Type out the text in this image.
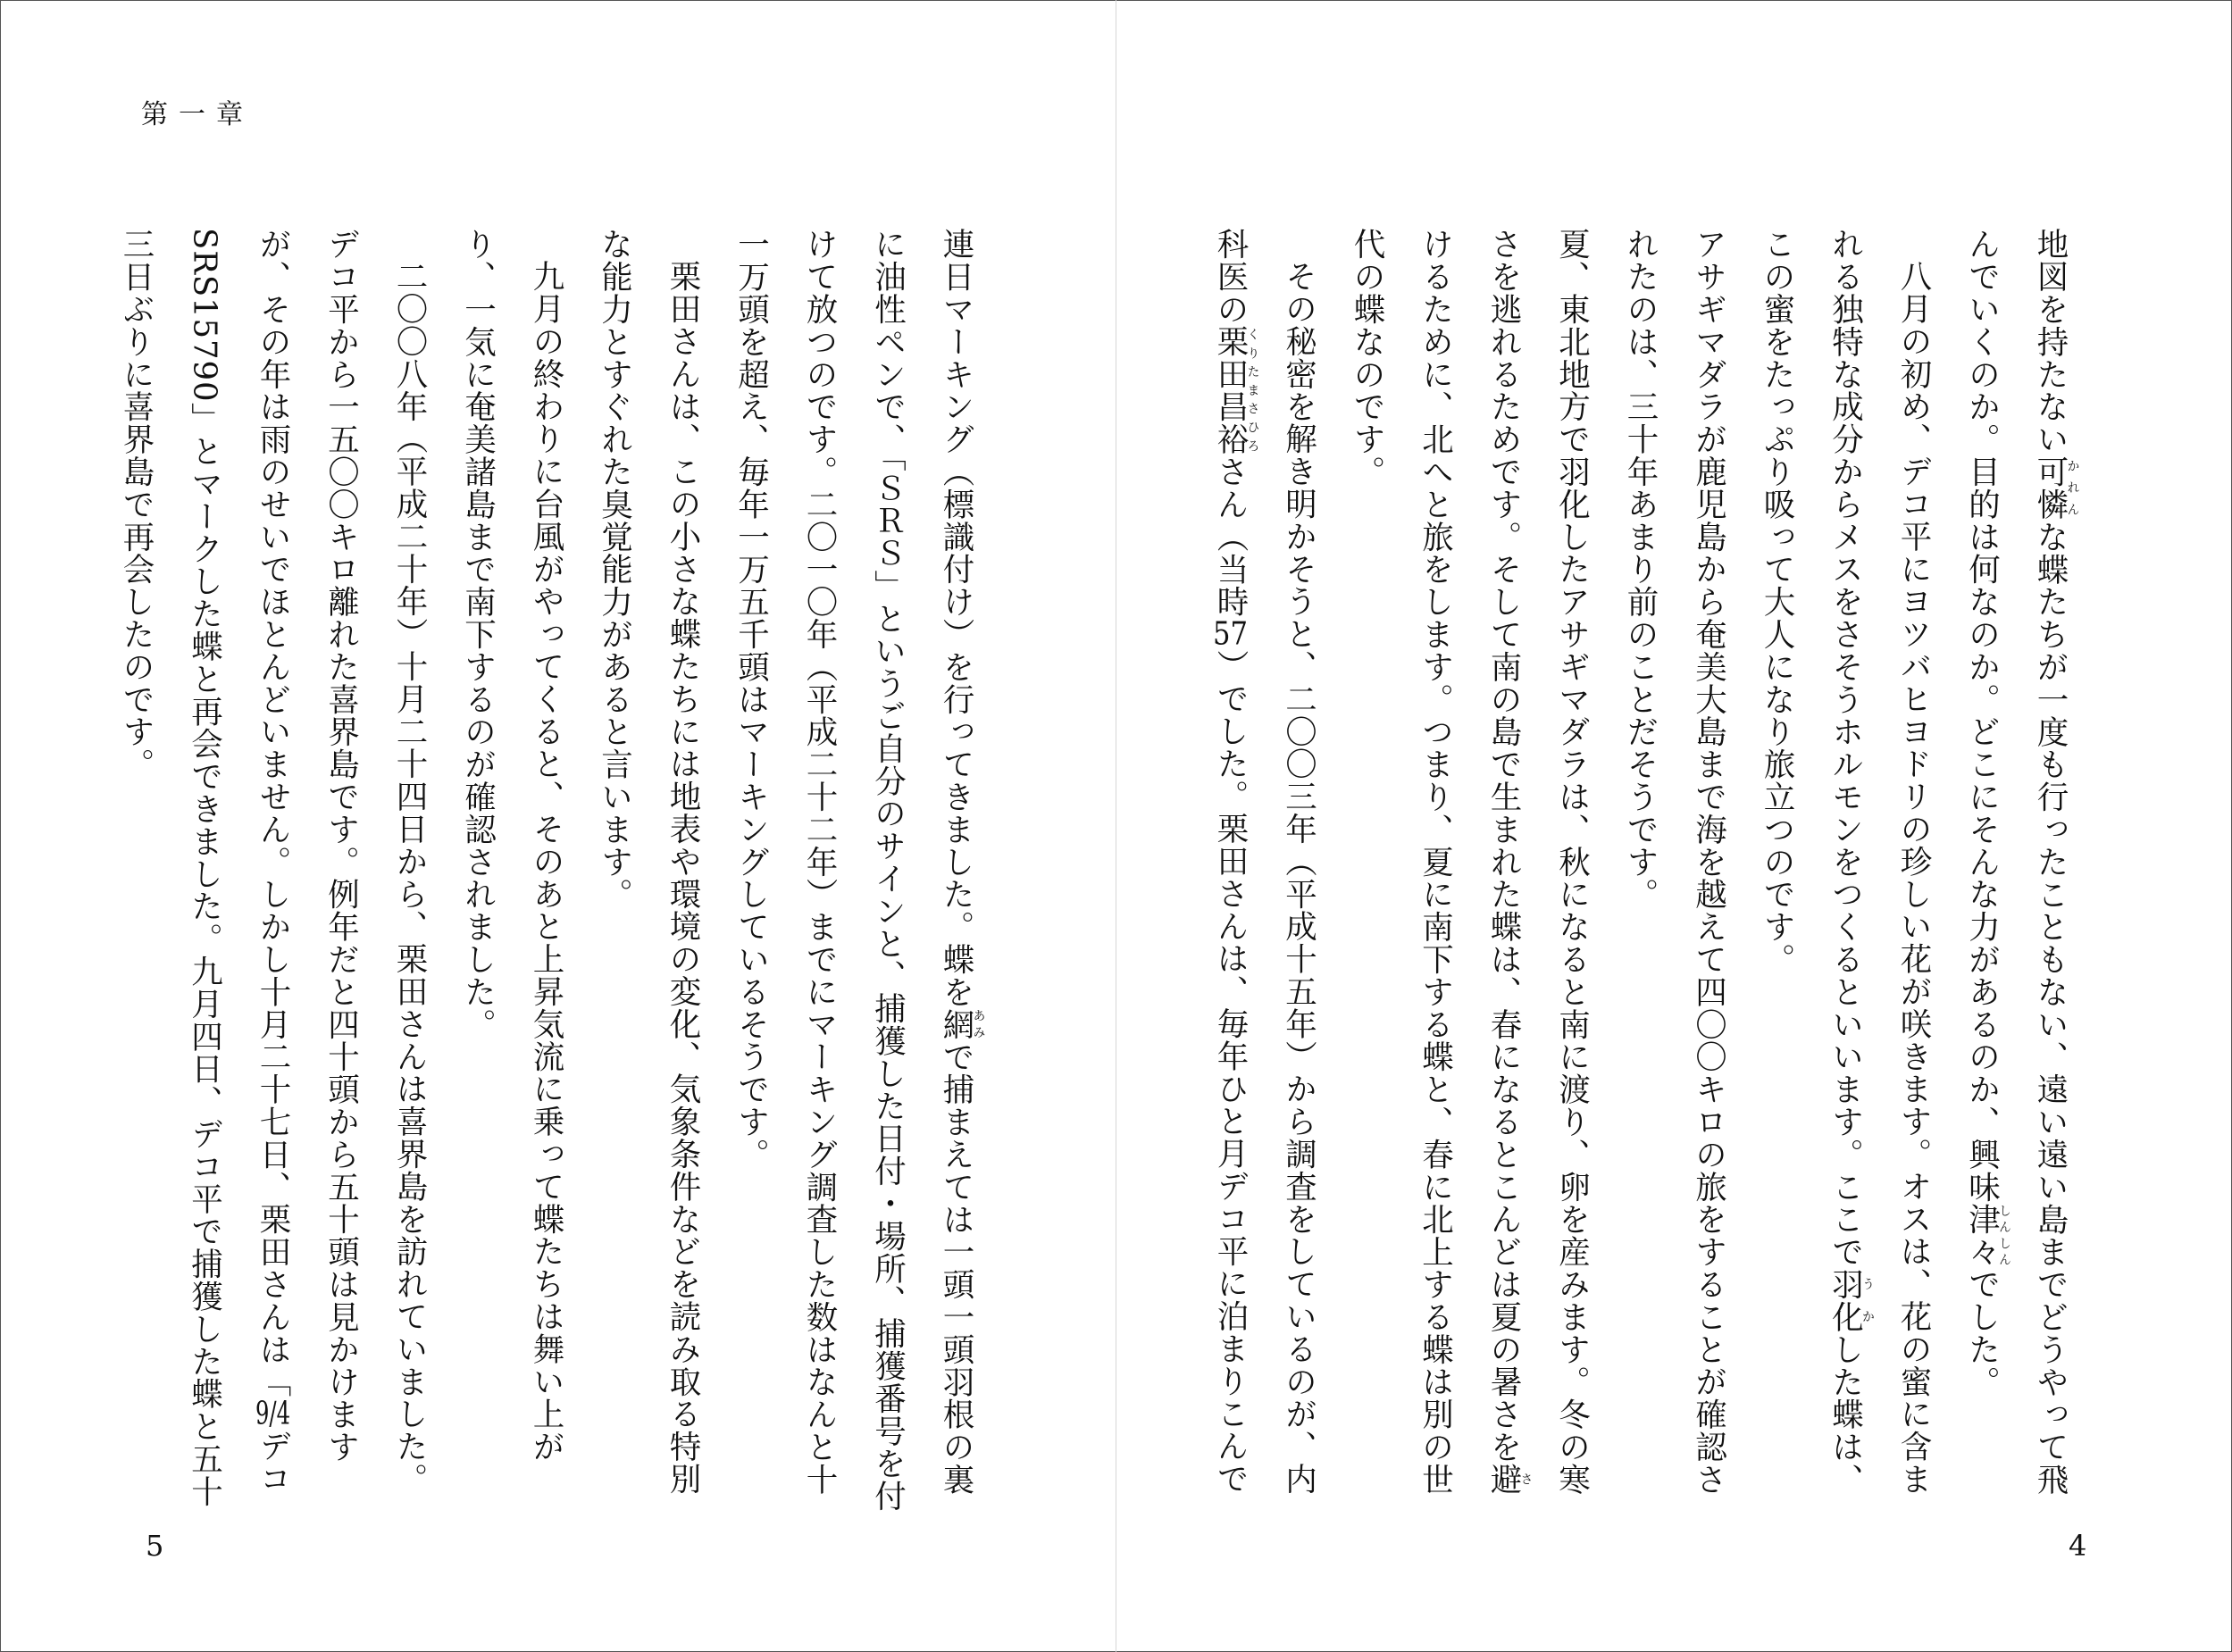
第一章

地図を持たない可憐かれんな蝶たちが一度も行ったこともない、遠い遠い島までどうやって飛んでいくのか。目的は何なのか。どこにそんな力があるのか、興味津々しんしんでした。

八月の初め、デコ平にヨツバヒヨドリの珍しい花が咲きます。オスは、花の蜜に含まれる独特な成分からメスをさそうホルモンをつくるといいます。ここで羽化うかした蝶は、この蜜をたっぷり吸って大人になり旅立つのです。

アサギマダラが鹿児島から奄美大島まで海を越えて四〇〇キロの旅をすることが確認されたのは、三十年あまり前のことだそうです。

夏、東北地方で羽化したアサギマダラは、秋になると南に渡り、卵を産みます。冬の寒さを逃れるためです。そして南の島で生まれた蝶は、春になるとこんどは夏の暑さを避さけるために、北へと旅をします。つまり、夏に南下する蝶と、春に北上する蝶は別の世代の蝶なのです。

その秘密を解き明かそうと、二〇〇三年（平成十五年）から調査をしているのが、内科医の栗田昌裕くりたまさひろさん（当時57）でした。栗田さんは、毎年ひと月デコ平に泊まりこんで

連日マーキング（標識付け）を行ってきました。蝶を網あみで捕まえては一頭一頭羽根の裏に油性ペンで、「ＳＲＳ」というご自分のサインと、捕獲した日付・場所、捕獲番号を付けて放つのです。二〇一〇年（平成二十二年）までにマーキング調査した数はなんと十一万頭を超え、毎年一万五千頭はマーキングしているそうです。

栗田さんは、この小さな蝶たちには地表や環境の変化、気象条件などを読み取る特別な能力とすぐれた臭覚能力があると言います。

九月の終わりに台風がやってくると、そのあと上昇気流に乗って蝶たちは舞い上がり、一気に奄美諸島まで南下するのが確認されました。

二〇〇八年（平成二十年）十月二十四日から、栗田さんは喜界島を訪れていました。デコ平から一五〇〇キロ離れた喜界島です。例年だと四十頭から五十頭は見かけますが、その年は雨のせいでほとんどいません。しかし十月二十七日、栗田さんは「9/4デコ SRS15790」とマークした蝶と再会できました。九月四日、デコ平で捕獲した蝶と五十三日ぶりに喜界島で再会したのです。

5	4
